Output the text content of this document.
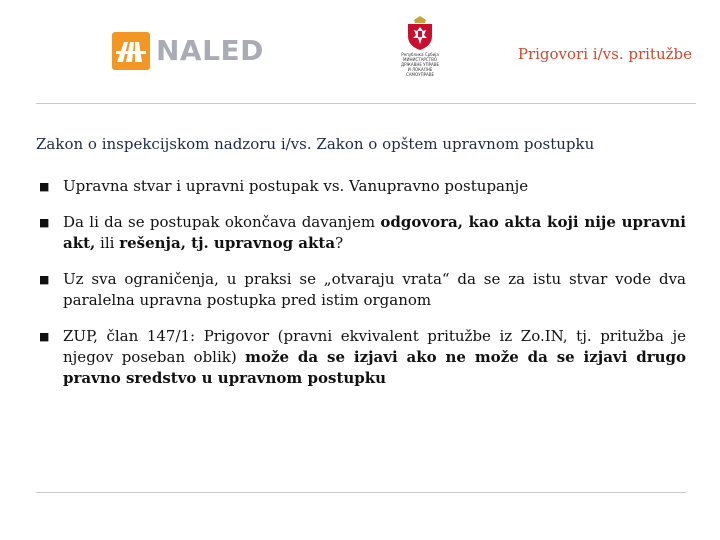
NALED	Република Србија
МИНИСТАРСТВО
ДРЖАВНЕ УПРАВЕ
И ЛОКАЛНЕ
САМОУПРАВЕ
Prigovori i/vs. pritužbe
Zakon o inspekcijskom nadzoru i/vs. Zakon o opštem upravnom postupku
■ Upravna stvar i upravni postupak vs. Vanupravno postupanje
■ Da li da se postupak okončava davanjem odgovora, kao akta koji nije upravni akt, ili rešenja, tj. upravnog akta?
■ Uz sva ograničenja, u praksi se „otvaraju vrata“ da se za istu stvar vode dva paralelna upravna postupka pred istim organom
■ ZUP, član 147/1: Prigovor (pravni ekvivalent pritužbe iz Zo.IN, tj. pritužba je njegov poseban oblik) može da se izjavi ako ne može da se izjavi drugo pravno sredstvo u upravnom postupku
